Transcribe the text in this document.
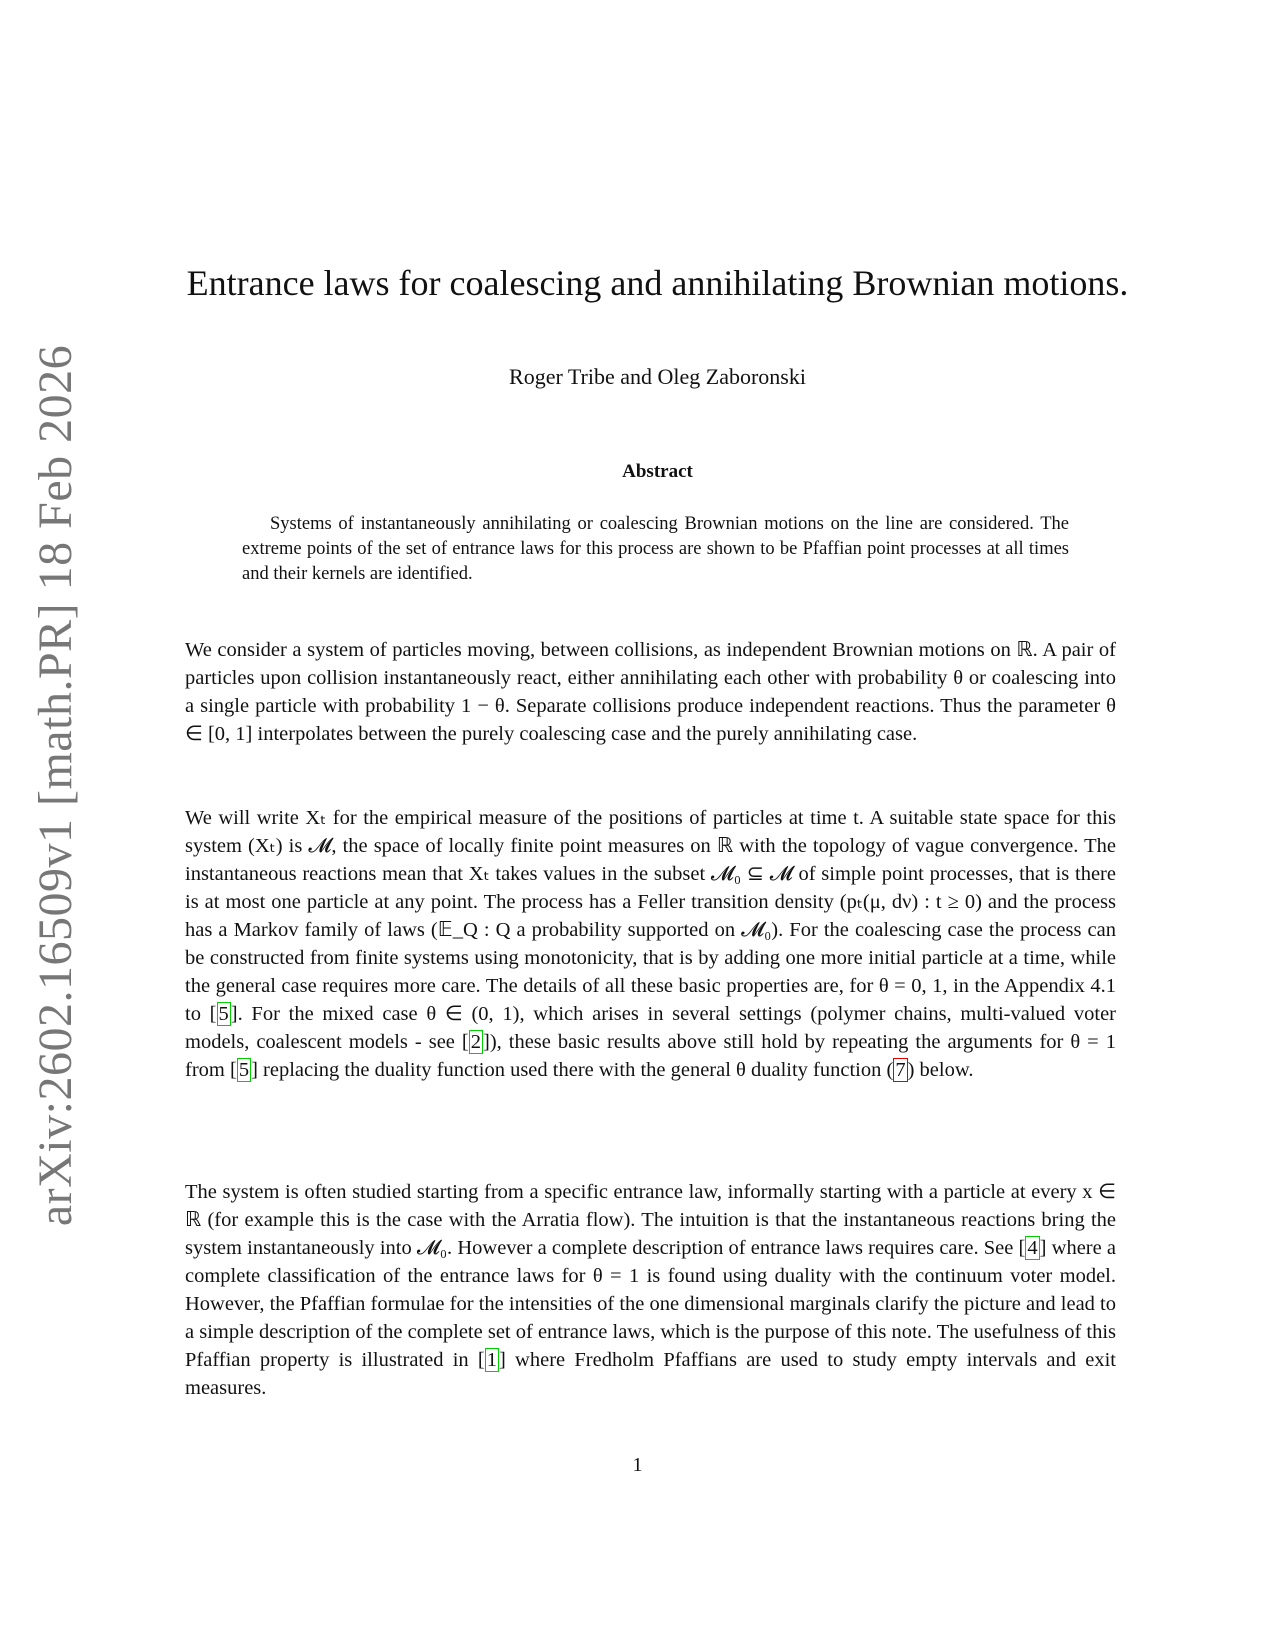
arXiv:2602.16509v1 [math.PR] 18 Feb 2026
Entrance laws for coalescing and annihilating Brownian motions.
Roger Tribe and Oleg Zaboronski
Abstract

Systems of instantaneously annihilating or coalescing Brownian motions on the line are considered. The extreme points of the set of entrance laws for this process are shown to be Pfaffian point processes at all times and their kernels are identified.

We consider a system of particles moving, between collisions, as independent Brownian motions on ℝ. A pair of particles upon collision instantaneously react, either annihilating each other with probability θ or coalescing into a single particle with probability 1 − θ. Separate collisions produce independent reactions. Thus the parameter θ ∈ [0, 1] interpolates between the purely coalescing case and the purely annihilating case.

We will write Xₜ for the empirical measure of the positions of particles at time t. A suitable state space for this system (Xₜ) is 𝓜, the space of locally finite point measures on ℝ with the topology of vague convergence. The instantaneous reactions mean that Xₜ takes values in the subset 𝓜₀ ⊆ 𝓜 of simple point processes, that is there is at most one particle at any point. The process has a Feller transition density (pₜ(μ, dν) : t ≥ 0) and the process has a Markov family of laws (𝔼_Q : Q a probability supported on 𝓜₀). For the coalescing case the process can be constructed from finite systems using monotonicity, that is by adding one more initial particle at a time, while the general case requires more care. The details of all these basic properties are, for θ = 0, 1, in the Appendix 4.1 to [5]. For the mixed case θ ∈ (0, 1), which arises in several settings (polymer chains, multi-valued voter models, coalescent models - see [2]), these basic results above still hold by repeating the arguments for θ = 1 from [5] replacing the duality function used there with the general θ duality function (7) below.

The system is often studied starting from a specific entrance law, informally starting with a particle at every x ∈ ℝ (for example this is the case with the Arratia flow). The intuition is that the instantaneous reactions bring the system instantaneously into 𝓜₀. However a complete description of entrance laws requires care. See [4] where a complete classification of the entrance laws for θ = 1 is found using duality with the continuum voter model. However, the Pfaffian formulae for the intensities of the one dimensional marginals clarify the picture and lead to a simple description of the complete set of entrance laws, which is the purpose of this note. The usefulness of this Pfaffian property is illustrated in [1] where Fredholm Pfaffians are used to study empty intervals and exit measures.

1
